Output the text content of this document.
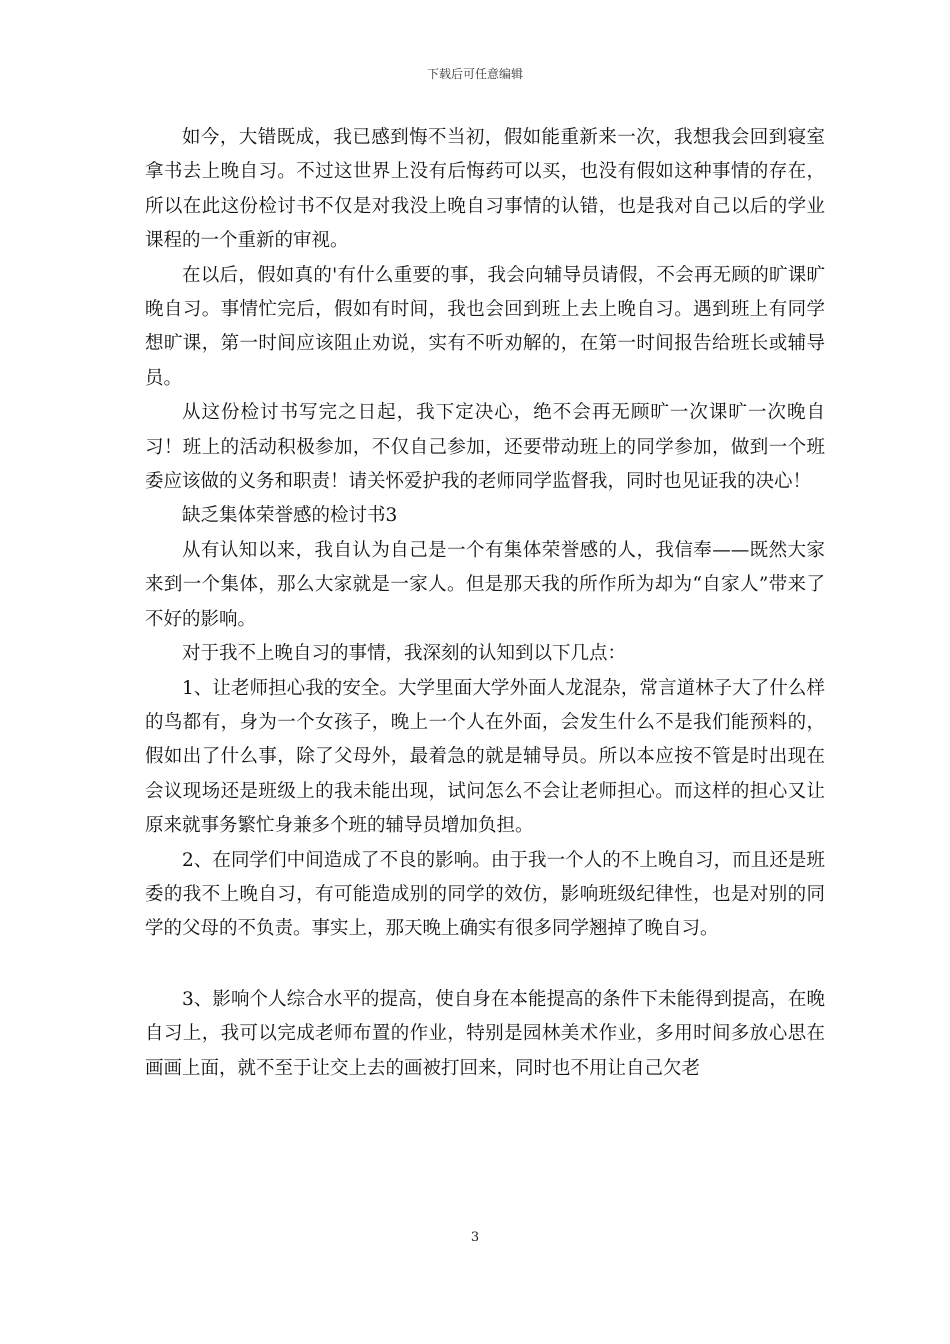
下载后可任意编辑

如今，大错既成，我已感到悔不当初，假如能重新来一次，我想我会回到寝室拿书去上晚自习。不过这世界上没有后悔药可以买，也没有假如这种事情的存在，所以在此这份检讨书不仅是对我没上晚自习事情的认错，也是我对自己以后的学业课程的一个重新的审视。

在以后，假如真的'有什么重要的事，我会向辅导员请假，不会再无顾的旷课旷晚自习。事情忙完后，假如有时间，我也会回到班上去上晚自习。遇到班上有同学想旷课，第一时间应该阻止劝说，实有不听劝解的，在第一时间报告给班长或辅导员。

从这份检讨书写完之日起，我下定决心，绝不会再无顾旷一次课旷一次晚自习！班上的活动积极参加，不仅自己参加，还要带动班上的同学参加，做到一个班委应该做的义务和职责！请关怀爱护我的老师同学监督我，同时也见证我的决心！

缺乏集体荣誉感的检讨书3

从有认知以来，我自认为自己是一个有集体荣誉感的人，我信奉——既然大家来到一个集体，那么大家就是一家人。但是那天我的所作所为却为“自家人”带来了不好的影响。

对于我不上晚自习的事情，我深刻的认知到以下几点：

1、让老师担心我的安全。大学里面大学外面人龙混杂，常言道林子大了什么样的鸟都有，身为一个女孩子，晚上一个人在外面，会发生什么不是我们能预料的，假如出了什么事，除了父母外，最着急的就是辅导员。所以本应按不管是时出现在会议现场还是班级上的我未能出现，试问怎么不会让老师担心。而这样的担心又让原来就事务繁忙身兼多个班的辅导员增加负担。

2、在同学们中间造成了不良的影响。由于我一个人的不上晚自习，而且还是班委的我不上晚自习，有可能造成别的同学的效仿，影响班级纪律性，也是对别的同学的父母的不负责。事实上，那天晚上确实有很多同学翘掉了晚自习。

3、影响个人综合水平的提高，使自身在本能提高的条件下未能得到提高，在晚自习上，我可以完成老师布置的作业，特别是园林美术作业，多用时间多放心思在画画上面，就不至于让交上去的画被打回来，同时也不用让自己欠老

3
